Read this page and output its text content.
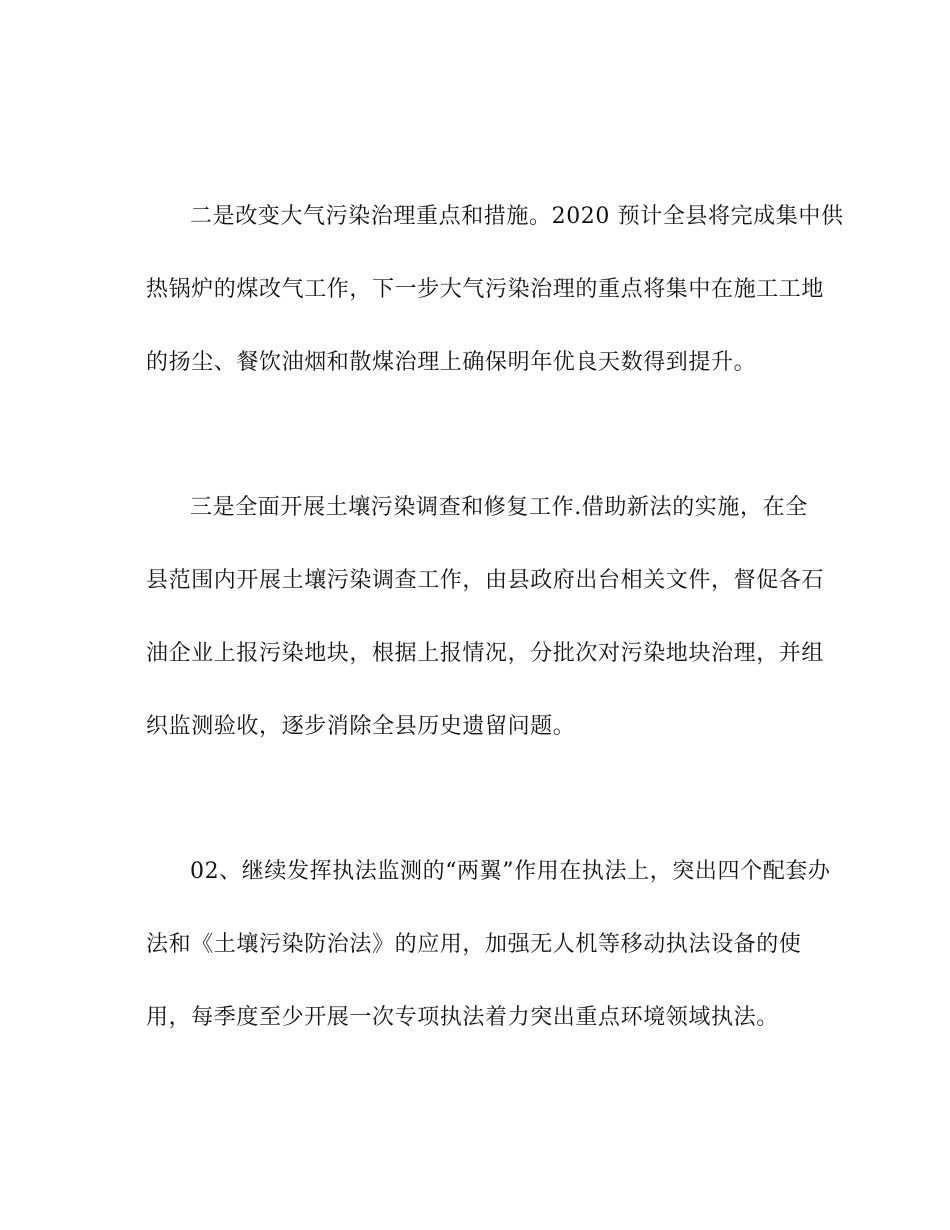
二是改变大气污染治理重点和措施。2020 预计全县将完成集中供
热锅炉的煤改气工作，下一步大气污染治理的重点将集中在施工工地
的扬尘、餐饮油烟和散煤治理上确保明年优良天数得到提升。
三是全面开展土壤污染调查和修复工作.借助新法的实施，在全
县范围内开展土壤污染调查工作，由县政府出台相关文件，督促各石
油企业上报污染地块，根据上报情况，分批次对污染地块治理，并组
织监测验收，逐步消除全县历史遗留问题。
02、继续发挥执法监测的“两翼”作用在执法上，突出四个配套办
法和《土壤污染防治法》的应用，加强无人机等移动执法设备的使
用，每季度至少开展一次专项执法着力突出重点环境领域执法。
